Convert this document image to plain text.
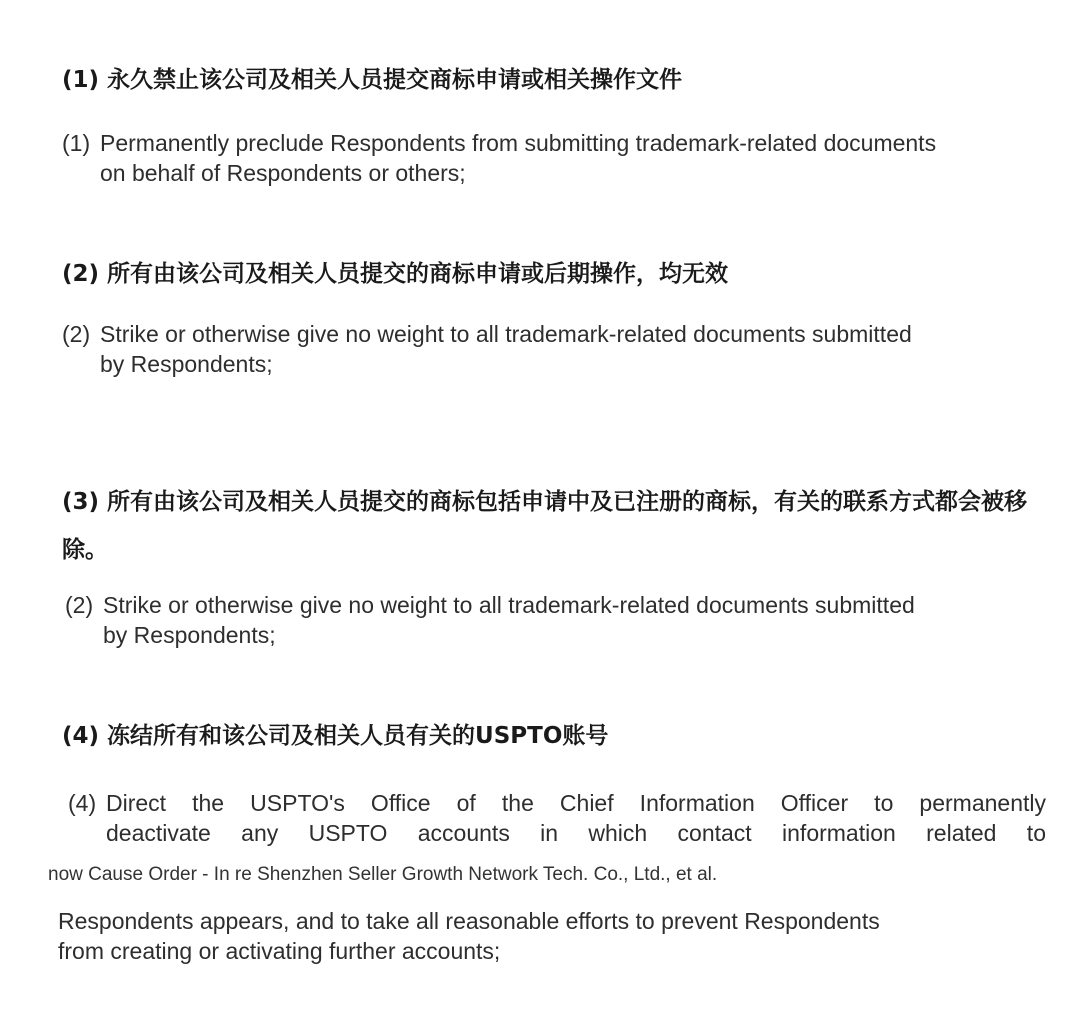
(1) 永久禁止该公司及相关人员提交商标申请或相关操作文件
(1) Permanently preclude Respondents from submitting trademark-related documents
on behalf of Respondents or others;
(2) 所有由该公司及相关人员提交的商标申请或后期操作，均无效
(2) Strike or otherwise give no weight to all trademark-related documents submitted
by Respondents;
(3) 所有由该公司及相关人员提交的商标包括申请中及已注册的商标，有关的联系方式都会被移除。
(2) Strike or otherwise give no weight to all trademark-related documents submitted
by Respondents;
(4) 冻结所有和该公司及相关人员有关的USPTO账号
(4) Direct the USPTO's Office of the Chief Information Officer to permanently
deactivate any USPTO accounts in which contact information related to
now Cause Order - In re Shenzhen Seller Growth Network Tech. Co., Ltd., et al.
Respondents appears, and to take all reasonable efforts to prevent Respondents
from creating or activating further accounts;
